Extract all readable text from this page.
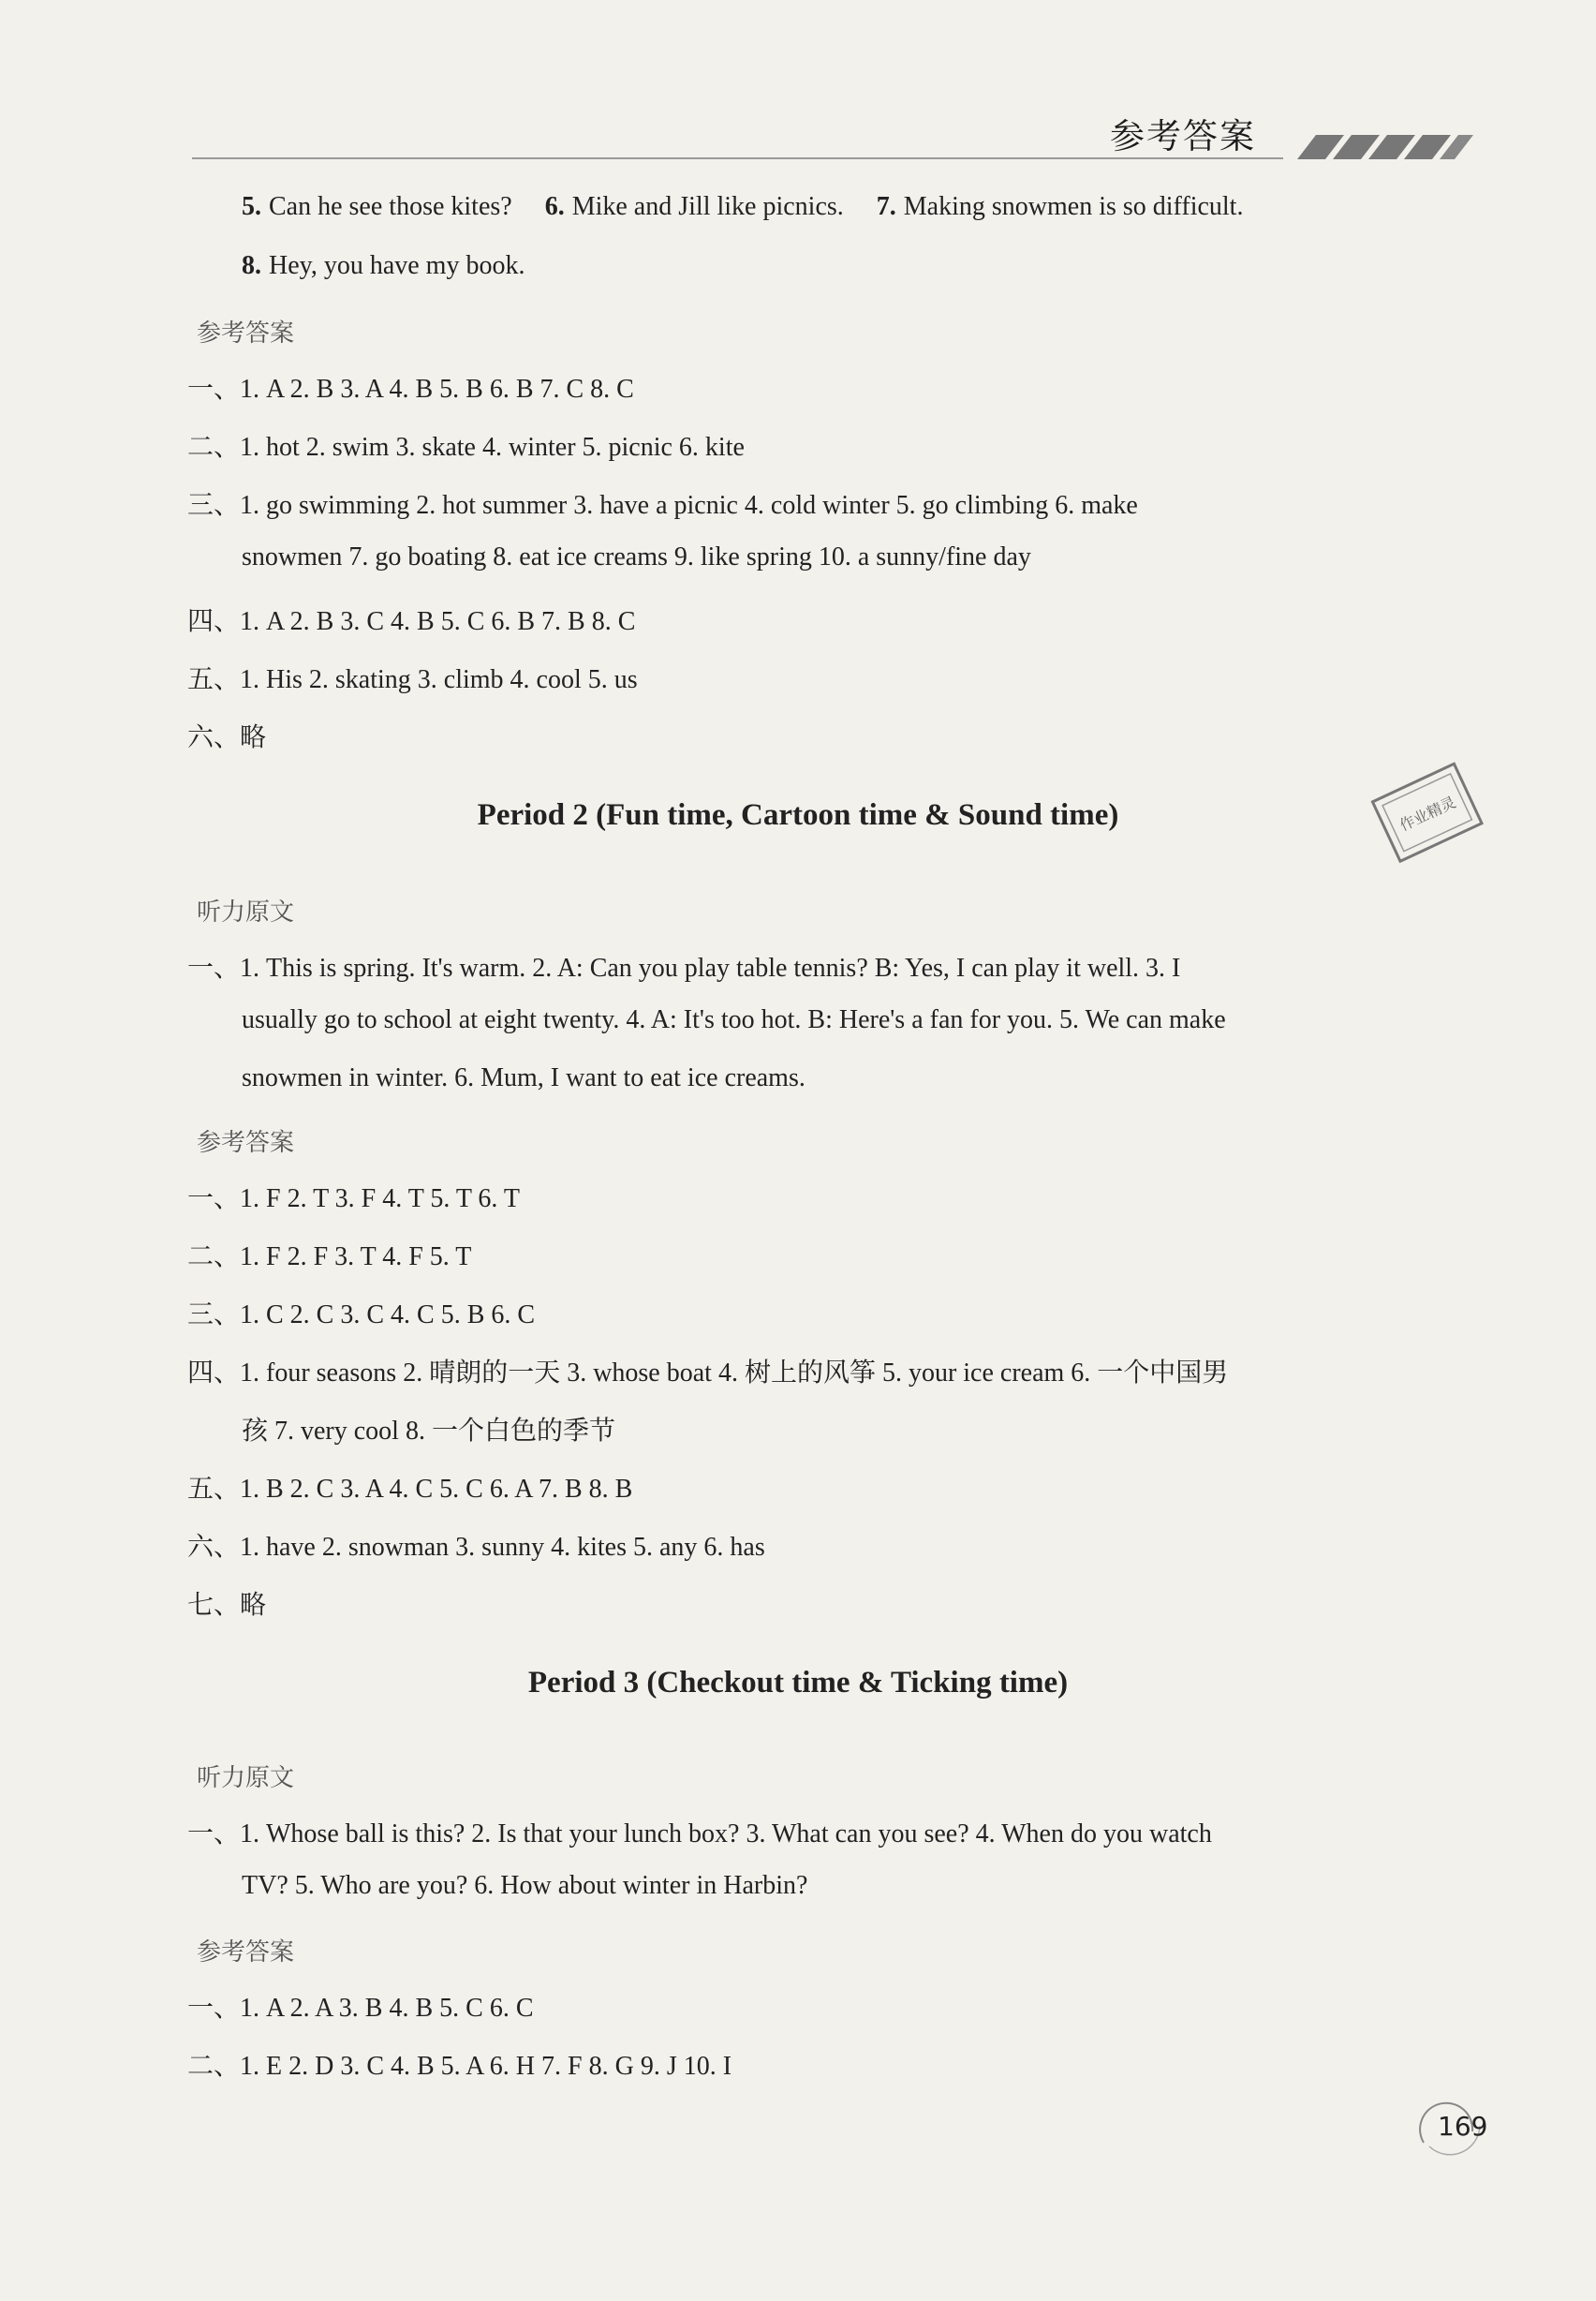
参考答案
5. Can he see those kites? 6. Mike and Jill like picnics. 7. Making snowmen is so difficult.
8. Hey, you have my book.
参考答案
一、1. A 2. B 3. A 4. B 5. B 6. B 7. C 8. C
二、1. hot 2. swim 3. skate 4. winter 5. picnic 6. kite
三、1. go swimming 2. hot summer 3. have a picnic 4. cold winter 5. go climbing 6. make
snowmen 7. go boating 8. eat ice creams 9. like spring 10. a sunny/fine day
四、1. A 2. B 3. C 4. B 5. C 6. B 7. B 8. C
五、1. His 2. skating 3. climb 4. cool 5. us
六、略
Period 2 (Fun time, Cartoon time & Sound time)	作业精灵
听力原文
一、1. This is spring. It's warm. 2. A: Can you play table tennis? B: Yes, I can play it well. 3. I
usually go to school at eight twenty. 4. A: It's too hot. B: Here's a fan for you. 5. We can make
snowmen in winter. 6. Mum, I want to eat ice creams.
参考答案
一、1. F 2. T 3. F 4. T 5. T 6. T
二、1. F 2. F 3. T 4. F 5. T
三、1. C 2. C 3. C 4. C 5. B 6. C
四、1. four seasons 2. 晴朗的一天 3. whose boat 4. 树上的风筝 5. your ice cream 6. 一个中国男
孩 7. very cool 8. 一个白色的季节
五、1. B 2. C 3. A 4. C 5. C 6. A 7. B 8. B
六、1. have 2. snowman 3. sunny 4. kites 5. any 6. has
七、略
Period 3 (Checkout time & Ticking time)
听力原文
一、1. Whose ball is this? 2. Is that your lunch box? 3. What can you see? 4. When do you watch
TV? 5. Who are you? 6. How about winter in Harbin?
参考答案
一、1. A 2. A 3. B 4. B 5. C 6. C
二、1. E 2. D 3. C 4. B 5. A 6. H 7. F 8. G 9. J 10. I
169
